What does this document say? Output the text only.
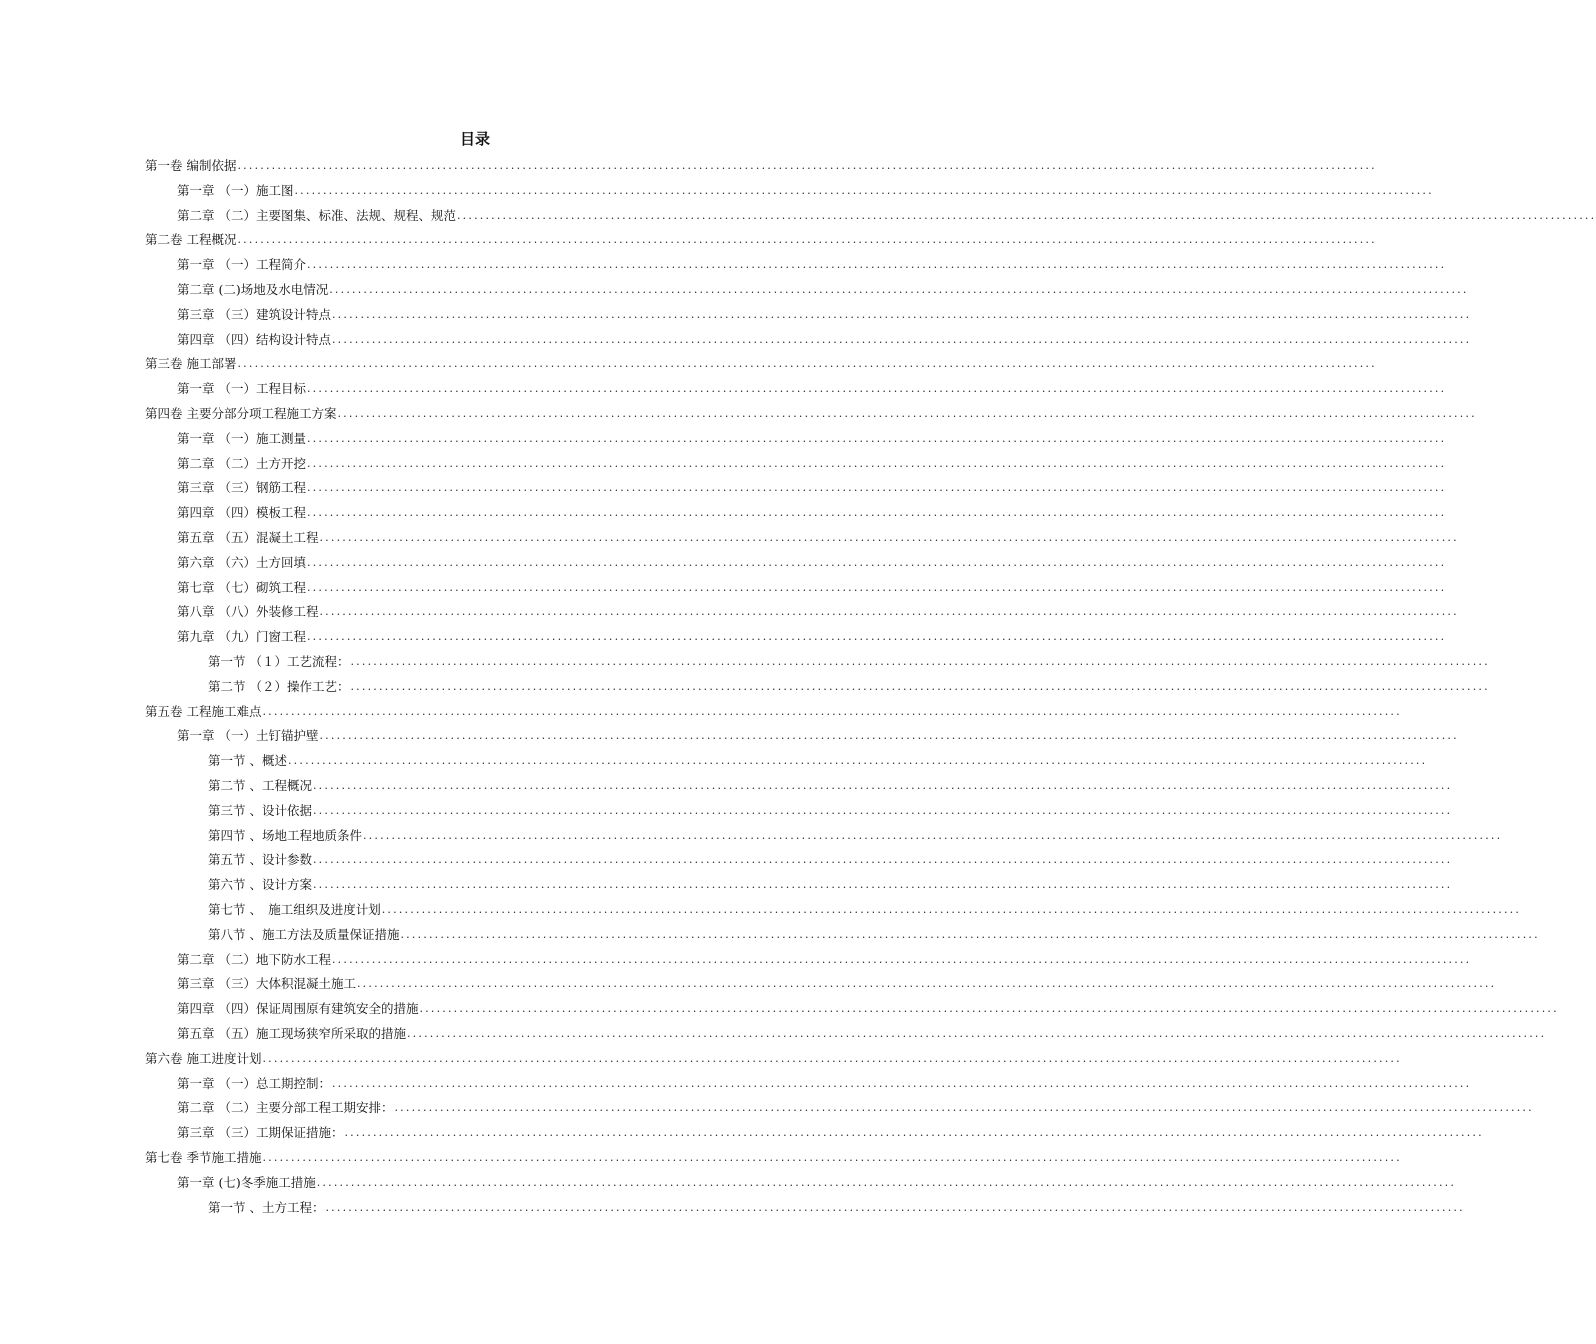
目录
第一卷 编制依据 ........................................................................................................................................................................................................
第一章 （一）施工图 ........................................................................................................................................................................................................
第二章 （二）主要图集、标准、法规、规程、规范 ........................................................................................................................................................................................................
第二卷 工程概况 ........................................................................................................................................................................................................
第一章 （一）工程简介 ........................................................................................................................................................................................................
第二章 (二)场地及水电情况 ........................................................................................................................................................................................................
第三章 （三）建筑设计特点 ........................................................................................................................................................................................................
第四章 （四）结构设计特点 ........................................................................................................................................................................................................
第三卷 施工部署 ........................................................................................................................................................................................................
第一章 （一）工程目标 ........................................................................................................................................................................................................
第四卷 主要分部分项工程施工方案 ........................................................................................................................................................................................................
第一章 （一）施工测量 ........................................................................................................................................................................................................
第二章 （二）土方开挖 ........................................................................................................................................................................................................
第三章 （三）钢筋工程 ........................................................................................................................................................................................................
第四章 （四）模板工程 ........................................................................................................................................................................................................
第五章 （五）混凝土工程 ........................................................................................................................................................................................................
第六章 （六）土方回填 ........................................................................................................................................................................................................
第七章 （七）砌筑工程 ........................................................................................................................................................................................................
第八章 （八）外装修工程 ........................................................................................................................................................................................................
第九章 （九）门窗工程 ........................................................................................................................................................................................................
第一节 （１）工艺流程： ........................................................................................................................................................................................................
第二节 （２）操作工艺： ........................................................................................................................................................................................................
第五卷 工程施工难点 ........................................................................................................................................................................................................
第一章 （一）土钉锚护壁 ........................................................................................................................................................................................................
第一节 、概述 ........................................................................................................................................................................................................
第二节 、工程概况 ........................................................................................................................................................................................................
第三节 、设计依据 ........................................................................................................................................................................................................
第四节 、场地工程地质条件 ........................................................................................................................................................................................................
第五节 、设计参数 ........................................................................................................................................................................................................
第六节 、设计方案 ........................................................................................................................................................................................................
第七节 、　施工组织及进度计划 ........................................................................................................................................................................................................
第八节 、施工方法及质量保证措施 ........................................................................................................................................................................................................
第二章 （二）地下防水工程 ........................................................................................................................................................................................................
第三章 （三）大体积混凝土施工 ........................................................................................................................................................................................................
第四章 （四）保证周围原有建筑安全的措施 ........................................................................................................................................................................................................
第五章 （五）施工现场狭窄所采取的措施 ........................................................................................................................................................................................................
第六卷 施工进度计划 ........................................................................................................................................................................................................
第一章 （一）总工期控制： ........................................................................................................................................................................................................
第二章 （二）主要分部工程工期安排： ........................................................................................................................................................................................................
第三章 （三）工期保证措施： ........................................................................................................................................................................................................
第七卷 季节施工措施 ........................................................................................................................................................................................................
第一章 (七)冬季施工措施 ........................................................................................................................................................................................................
第一节 、土方工程： ........................................................................................................................................................................................................
